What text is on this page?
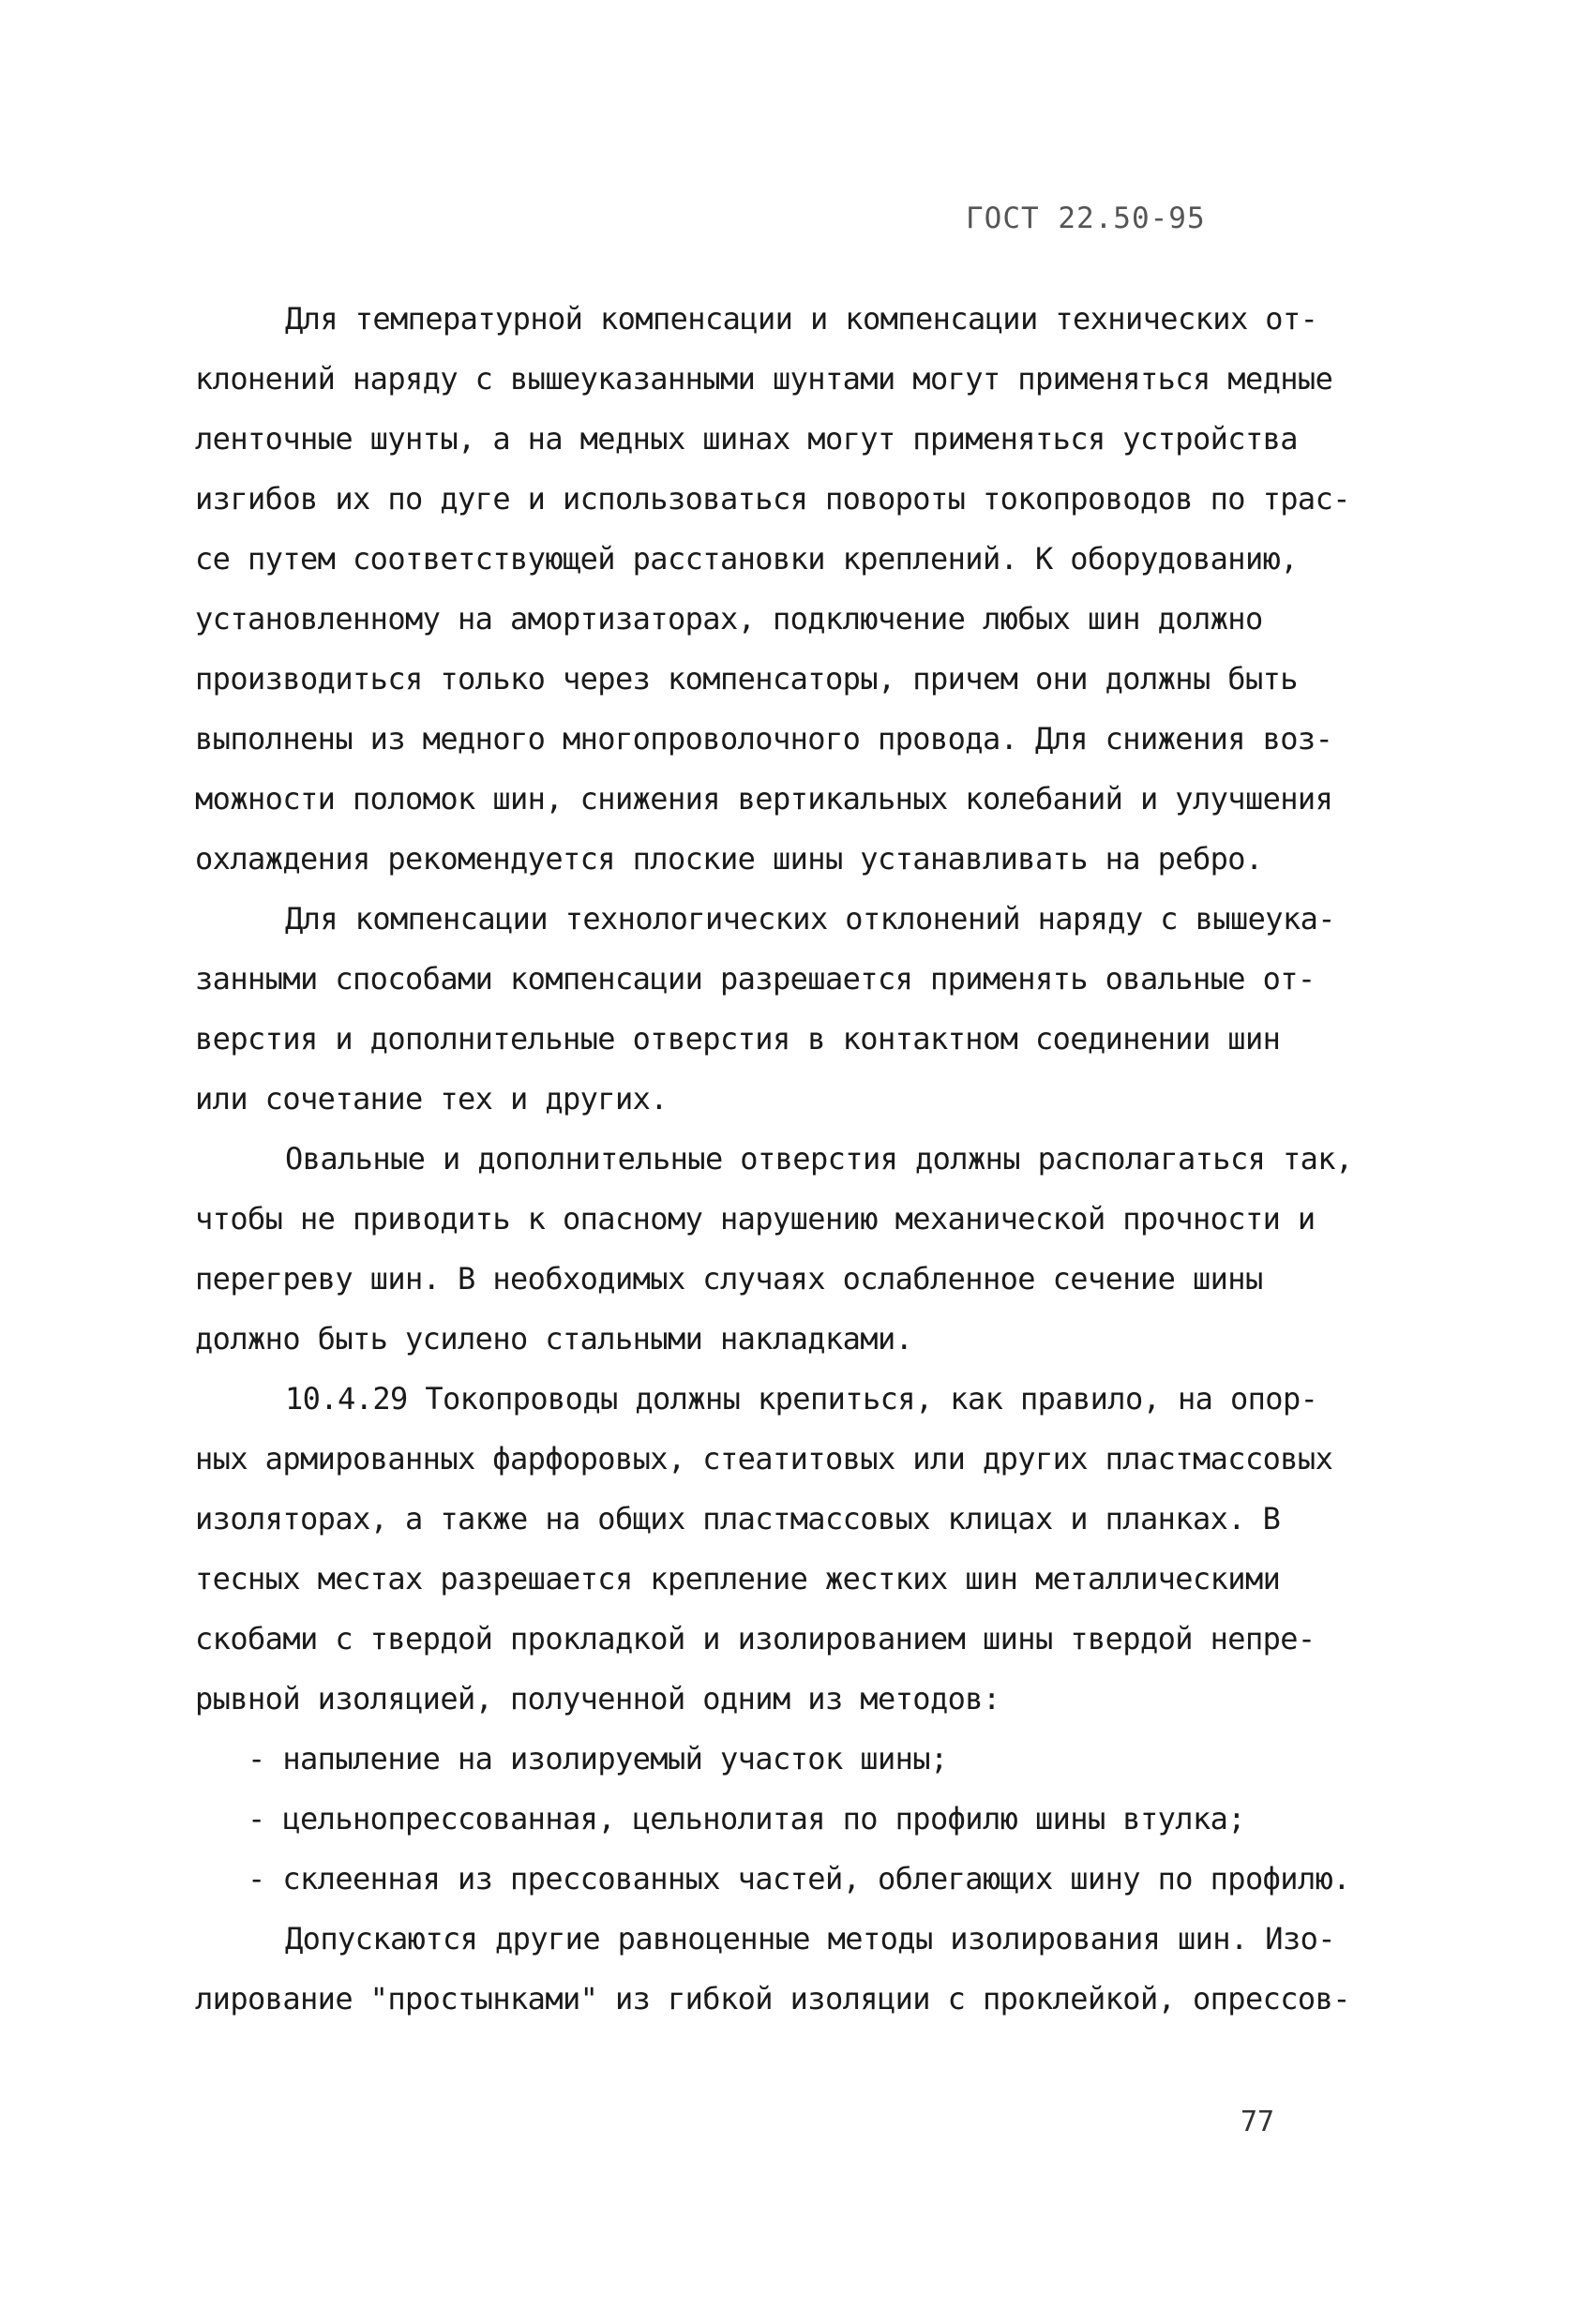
ГОСТ 22.50-95
Для температурной компенсации и компенсации технических от-
клонений наряду с вышеуказанными шунтами могут применяться медные
ленточные шунты, а на медных шинах могут применяться устройства
изгибов их по дуге и использоваться повороты токопроводов по трас-
се путем соответствующей расстановки креплений. К оборудованию,
установленному на амортизаторах, подключение любых шин должно
производиться только через компенсаторы, причем они должны быть
выполнены из медного многопроволочного провода. Для снижения воз-
можности поломок шин, снижения вертикальных колебаний и улучшения
охлаждения рекомендуется плоские шины устанавливать на ребро.
Для компенсации технологических отклонений наряду с вышеука-
занными способами компенсации разрешается применять овальные от-
верстия и дополнительные отверстия в контактном соединении шин
или сочетание тех и других.
Овальные и дополнительные отверстия должны располагаться так,
чтобы не приводить к опасному нарушению механической прочности и
перегреву шин. В необходимых случаях ослабленное сечение шины
должно быть усилено стальными накладками.
10.4.29 Токопроводы должны крепиться, как правило, на опор-
ных армированных фарфоровых, стеатитовых или других пластмассовых
изоляторах, а также на общих пластмассовых клицах и планках. В
тесных местах разрешается крепление жестких шин металлическими
скобами с твердой прокладкой и изолированием шины твердой непре-
рывной изоляцией, полученной одним из методов:
- напыление на изолируемый участок шины;
- цельнопрессованная, цельнолитая по профилю шины втулка;
- склеенная из прессованных частей, облегающих шину по профилю.
Допускаются другие равноценные методы изолирования шин. Изо-
лирование "простынками" из гибкой изоляции с проклейкой, опрессов-
77
